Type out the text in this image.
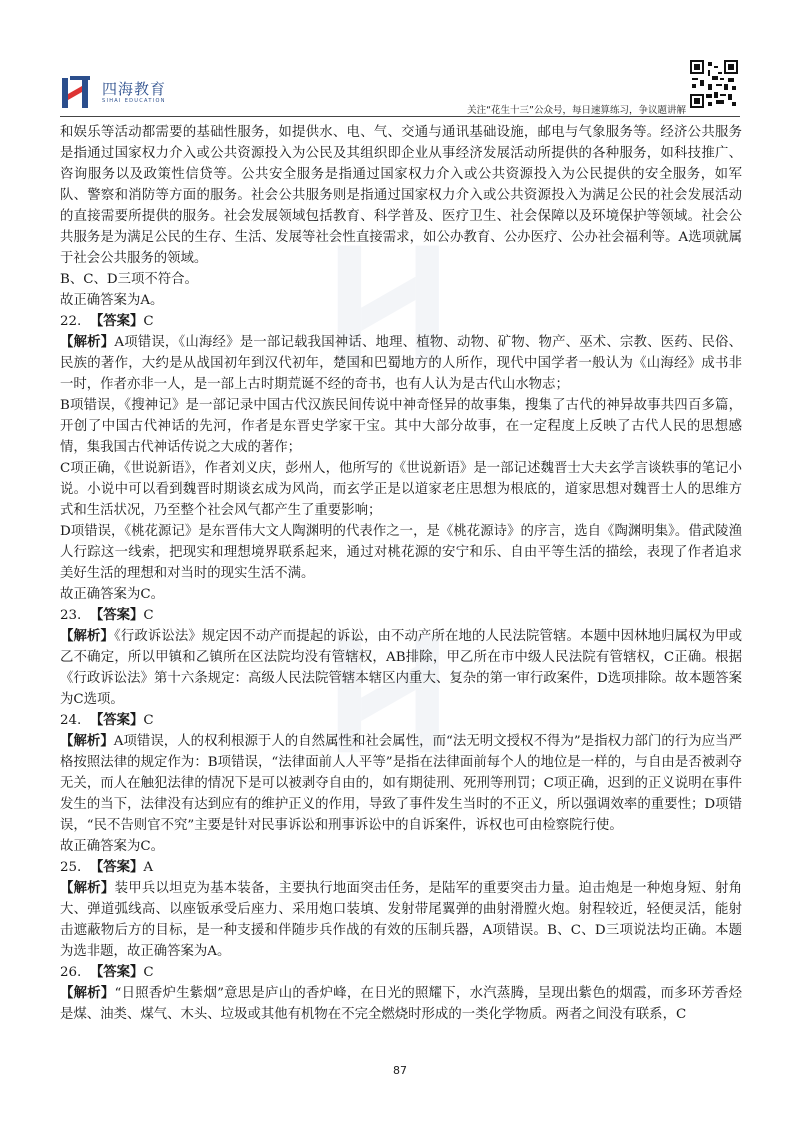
四海教育
SIHAI EDUCATION
关注“花生十三”公众号，每日速算练习，争议题讲解

和娱乐等活动都需要的基础性服务，如提供水、电、气、交通与通讯基础设施，邮电与气象服务等。经济公共服务是指通过国家权力介入或公共资源投入为公民及其组织即企业从事经济发展活动所提供的各种服务，如科技推广、咨询服务以及政策性信贷等。公共安全服务是指通过国家权力介入或公共资源投入为公民提供的安全服务，如军队、警察和消防等方面的服务。社会公共服务则是指通过国家权力介入或公共资源投入为满足公民的社会发展活动的直接需要所提供的服务。社会发展领域包括教育、科学普及、医疗卫生、社会保障以及环境保护等领域。社会公共服务是为满足公民的生存、生活、发展等社会性直接需求，如公办教育、公办医疗、公办社会福利等。A选项就属于社会公共服务的领域。

B、C、D三项不符合。

故正确答案为A。

22. 【答案】C

【解析】A项错误，《山海经》是一部记载我国神话、地理、植物、动物、矿物、物产、巫术、宗教、医药、民俗、民族的著作，大约是从战国初年到汉代初年，楚国和巴蜀地方的人所作，现代中国学者一般认为《山海经》成书非一时，作者亦非一人，是一部上古时期荒诞不经的奇书，也有人认为是古代山水物志；

B项错误，《搜神记》是一部记录中国古代汉族民间传说中神奇怪异的故事集，搜集了古代的神异故事共四百多篇，开创了中国古代神话的先河，作者是东晋史学家干宝。其中大部分故事，在一定程度上反映了古代人民的思想感情，集我国古代神话传说之大成的著作；

C项正确，《世说新语》，作者刘义庆，彭州人，他所写的《世说新语》是一部记述魏晋士大夫玄学言谈轶事的笔记小说。小说中可以看到魏晋时期谈玄成为风尚，而玄学正是以道家老庄思想为根底的，道家思想对魏晋士人的思维方式和生活状况，乃至整个社会风气都产生了重要影响；

D项错误，《桃花源记》是东晋伟大文人陶渊明的代表作之一，是《桃花源诗》的序言，选自《陶渊明集》。借武陵渔人行踪这一线索，把现实和理想境界联系起来，通过对桃花源的安宁和乐、自由平等生活的描绘，表现了作者追求美好生活的理想和对当时的现实生活不满。

故正确答案为C。

23. 【答案】C

【解析】《行政诉讼法》规定因不动产而提起的诉讼，由不动产所在地的人民法院管辖。本题中因林地归属权为甲或乙不确定，所以甲镇和乙镇所在区法院均没有管辖权，AB排除，甲乙所在市中级人民法院有管辖权，C正确。根据《行政诉讼法》第十六条规定：高级人民法院管辖本辖区内重大、复杂的第一审行政案件，D选项排除。故本题答案为C选项。

24. 【答案】C

【解析】A项错误，人的权利根源于人的自然属性和社会属性，而“法无明文授权不得为”是指权力部门的行为应当严格按照法律的规定作为：B项错误，“法律面前人人平等”是指在法律面前每个人的地位是一样的，与自由是否被剥夺无关，而人在触犯法律的情况下是可以被剥夺自由的，如有期徒刑、死刑等刑罚；C项正确，迟到的正义说明在事件发生的当下，法律没有达到应有的维护正义的作用，导致了事件发生当时的不正义，所以强调效率的重要性；D项错误，“民不告则官不究”主要是针对民事诉讼和刑事诉讼中的自诉案件，诉权也可由检察院行使。

故正确答案为C。

25. 【答案】A

【解析】装甲兵以坦克为基本装备，主要执行地面突击任务，是陆军的重要突击力量。迫击炮是一种炮身短、射角大、弹道弧线高、以座钣承受后座力、采用炮口装填、发射带尾翼弹的曲射滑膛火炮。射程较近，轻便灵活，能射击遮蔽物后方的目标，是一种支援和伴随步兵作战的有效的压制兵器，A项错误。B、C、D三项说法均正确。本题为选非题，故正确答案为A。

26. 【答案】C

【解析】“日照香炉生紫烟”意思是庐山的香炉峰，在日光的照耀下，水汽蒸腾，呈现出紫色的烟霞，而多环芳香烃是煤、油类、煤气、木头、垃圾或其他有机物在不完全燃烧时形成的一类化学物质。两者之间没有联系，C

87
